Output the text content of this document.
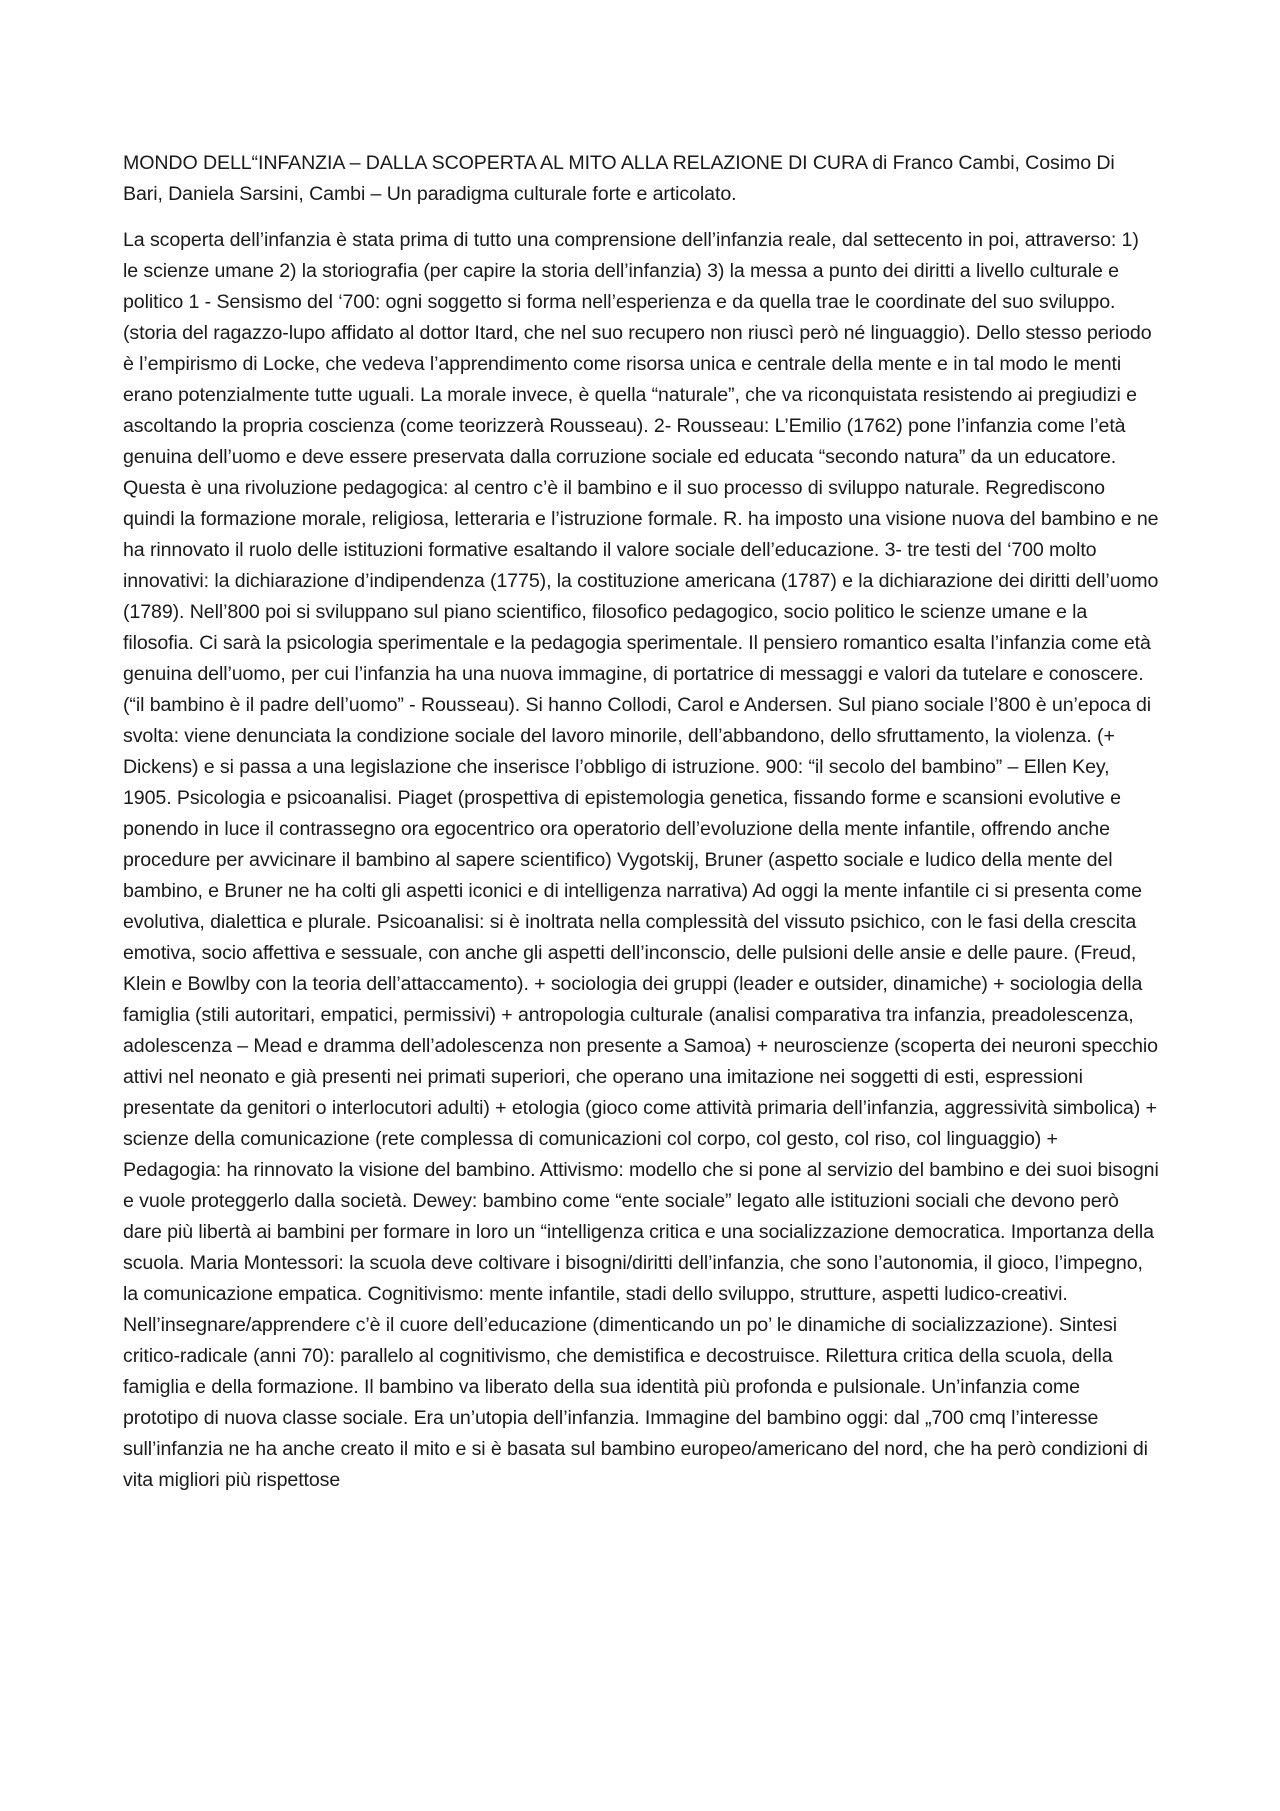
MONDO DELL“INFANZIA – DALLA SCOPERTA AL MITO ALLA RELAZIONE DI CURA di Franco Cambi, Cosimo Di Bari, Daniela Sarsini, Cambi – Un paradigma culturale forte e articolato.

La scoperta dell’infanzia è stata prima di tutto una comprensione dell’infanzia reale, dal settecento in poi, attraverso: 1) le scienze umane 2) la storiografia (per capire la storia dell’infanzia) 3) la messa a punto dei diritti a livello culturale e politico 1 - Sensismo del ‘700: ogni soggetto si forma nell’esperienza e da quella trae le coordinate del suo sviluppo. (storia del ragazzo-lupo affidato al dottor Itard, che nel suo recupero non riuscì però né linguaggio). Dello stesso periodo è l’empirismo di Locke, che vedeva l’apprendimento come risorsa unica e centrale della mente e in tal modo le menti erano potenzialmente tutte uguali. La morale invece, è quella “naturale”, che va riconquistata resistendo ai pregiudizi e ascoltando la propria coscienza (come teorizzerà Rousseau). 2- Rousseau: L’Emilio (1762) pone l’infanzia come l’età genuina dell’uomo e deve essere preservata dalla corruzione sociale ed educata “secondo natura” da un educatore. Questa è una rivoluzione pedagogica: al centro c’è il bambino e il suo processo di sviluppo naturale. Regrediscono quindi la formazione morale, religiosa, letteraria e l’istruzione formale. R. ha imposto una visione nuova del bambino e ne ha rinnovato il ruolo delle istituzioni formative esaltando il valore sociale dell’educazione. 3- tre testi del ‘700 molto innovativi: la dichiarazione d’indipendenza (1775), la costituzione americana (1787) e la dichiarazione dei diritti dell’uomo (1789). Nell’800 poi si sviluppano sul piano scientifico, filosofico pedagogico, socio politico le scienze umane e la filosofia. Ci sarà la psicologia sperimentale e la pedagogia sperimentale. Il pensiero romantico esalta l’infanzia come età genuina dell’uomo, per cui l’infanzia ha una nuova immagine, di portatrice di messaggi e valori da tutelare e conoscere. (“il bambino è il padre dell’uomo” - Rousseau). Si hanno Collodi, Carol e Andersen. Sul piano sociale l’800 è un’epoca di svolta: viene denunciata la condizione sociale del lavoro minorile, dell’abbandono, dello sfruttamento, la violenza. (+ Dickens) e si passa a una legislazione che inserisce l’obbligo di istruzione. 900: “il secolo del bambino” – Ellen Key, 1905. Psicologia e psicoanalisi. Piaget (prospettiva di epistemologia genetica, fissando forme e scansioni evolutive e ponendo in luce il contrassegno ora egocentrico ora operatorio dell’evoluzione della mente infantile, offrendo anche procedure per avvicinare il bambino al sapere scientifico) Vygotskij, Bruner (aspetto sociale e ludico della mente del bambino, e Bruner ne ha colti gli aspetti iconici e di intelligenza narrativa) Ad oggi la mente infantile ci si presenta come evolutiva, dialettica e plurale. Psicoanalisi: si è inoltrata nella complessità del vissuto psichico, con le fasi della crescita emotiva, socio affettiva e sessuale, con anche gli aspetti dell’inconscio, delle pulsioni delle ansie e delle paure. (Freud, Klein e Bowlby con la teoria dell’attaccamento). + sociologia dei gruppi (leader e outsider, dinamiche) + sociologia della famiglia (stili autoritari, empatici, permissivi) + antropologia culturale (analisi comparativa tra infanzia, preadolescenza, adolescenza – Mead e dramma dell’adolescenza non presente a Samoa) + neuroscienze (scoperta dei neuroni specchio attivi nel neonato e già presenti nei primati superiori, che operano una imitazione nei soggetti di esti, espressioni presentate da genitori o interlocutori adulti) + etologia (gioco come attività primaria dell’infanzia, aggressività simbolica) + scienze della comunicazione (rete complessa di comunicazioni col corpo, col gesto, col riso, col linguaggio) + Pedagogia: ha rinnovato la visione del bambino. Attivismo: modello che si pone al servizio del bambino e dei suoi bisogni e vuole proteggerlo dalla società. Dewey: bambino come “ente sociale” legato alle istituzioni sociali che devono però dare più libertà ai bambini per formare in loro un “intelligenza critica e una socializzazione democratica. Importanza della scuola. Maria Montessori: la scuola deve coltivare i bisogni/diritti dell’infanzia, che sono l’autonomia, il gioco, l’impegno, la comunicazione empatica. Cognitivismo: mente infantile, stadi dello sviluppo, strutture, aspetti ludico-creativi. Nell’insegnare/apprendere c’è il cuore dell’educazione (dimenticando un po’ le dinamiche di socializzazione). Sintesi critico-radicale (anni 70): parallelo al cognitivismo, che demistifica e decostruisce. Rilettura critica della scuola, della famiglia e della formazione. Il bambino va liberato della sua identità più profonda e pulsionale. Un’infanzia come prototipo di nuova classe sociale. Era un’utopia dell’infanzia. Immagine del bambino oggi: dal „700 cmq l’interesse sull’infanzia ne ha anche creato il mito e si è basata sul bambino europeo/americano del nord, che ha però condizioni di vita migliori più rispettose
